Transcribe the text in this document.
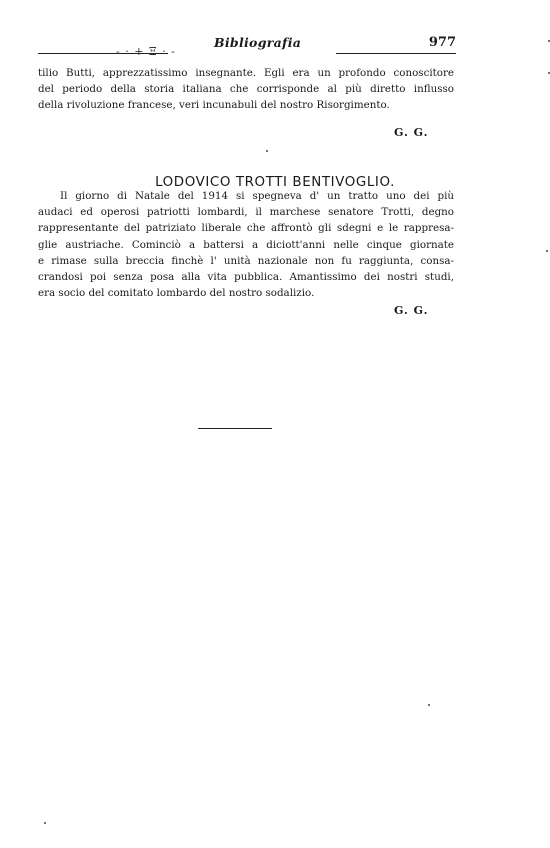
- · + Ξ · -
Bibliografia	977

tilio Butti, apprezzatissimo insegnante. Egli era un profondo conoscitore
del periodo della storia italiana che corrisponde al più diretto influsso
della rivoluzione francese, veri incunabuli del nostro Risorgimento.

G. G.
LODOVICO TROTTI BENTIVOGLIO.

Il giorno di Natale del 1914 si spegneva d' un tratto uno dei più
audaci ed operosi patriotti lombardi, il marchese senatore Trotti, degno
rappresentante del patriziato liberale che affrontò gli sdegni e le rappresa-
glie austriache. Cominciò a battersi a diciott'anni nelle cinque giornate
e rimase sulla breccia finchè l' unità nazionale non fu raggiunta, consa-
crandosi poi senza posa alla vita pubblica. Amantissimo dei nostri studi,
era socio del comitato lombardo del nostro sodalizio.

G. G.
